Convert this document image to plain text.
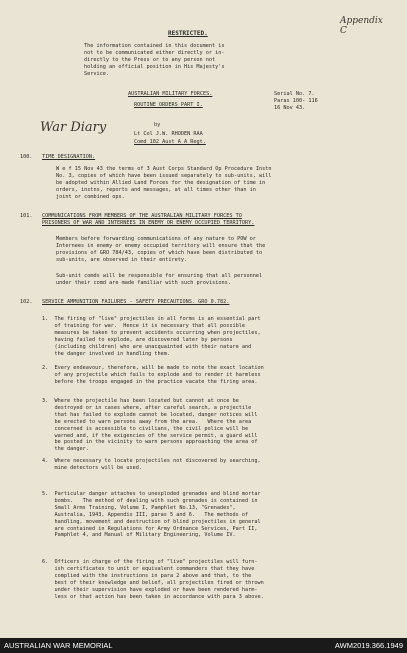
Appendix C
RESTRICTED.
The information contained in this document is
not to be communicated either directly or in-
directly to the Press or to any person not
holding an official position in His Majesty's
Service.
AUSTRALIAN MILITARY FORCES.
ROUTINE ORDERS PART I.
Serial No. 7.
Paras 100- 116
16 Nov 43.
War Diary	by
Lt Col J.W. RHODEN RAA
Comd 102 Aust A A Regt.
100. TIME DESIGNATION.
W e f 15 Nov 43 the terms of 3 Aust Corps Standard Op Procedure Instn
No. 3, copies of which have been issued separately to sub-units, will
be adopted within Allied Land Forces for the designation of time in
orders, instns, reports and messages, at all times other than in
joint or combined ops.
101. COMMUNICATIONS FROM MEMBERS OF THE AUSTRALIAN MILITARY FORCES TO
PRISONERS OF WAR AND INTERNEES IN ENEMY OR ENEMY OCCUPIED TERRITORY.
Members before forwarding communications of any nature to POW or
Internees in enemy or enemy occupied territory will ensure that the
provisions of GRO 784/43, copies of which have been distributed to
sub-units, are observed in their entirety.
Sub-unit comds will be responsible for ensuring that all personnel
under their comd are made familiar with such provisions.
102. SERVICE AMMUNITION FAILURES - SAFETY PRECAUTIONS. GRO 0.782.
1.  The firing of "live" projectiles in all forms is an essential part
of training for war.  Hence it is necessary that all possible
measures be taken to prevent accidents occurring when projectiles,
having failed to explode, are discovered later by persons
(including children) who are unacquainted with their nature and
the danger involved in handling them.
2.  Every endeavour, therefore, will be made to note the exact location
of any projectile which fails to explode and to render it harmless
before the troops engaged in the practice vacate the firing area.
3.  Where the projectile has been located but cannot at once be
destroyed or in cases where, after careful search, a projectile
that has failed to explode cannot be located, danger notices will
be erected to warn persons away from the area.   Where the area
concerned is accessible to civilians, the civil police will be
warned and, if the exigencies of the service permit, a guard will
be posted in the vicinity to warn persons approaching the area of
the danger.
4.  Where necessary to locate projectiles not discovered by searching,
mine detectors will be used.
5.  Particular danger attaches to unexploded grenades and blind mortar
bombs.   The method of dealing with such grenades is contained in
Small Arms Training, Volume I, Pamphlet No.13, "Grenades",
Australia, 1943, Appendix III, paras 5 and 6.   The methods of
handling, movement and destruction of blind projectiles in general
are contained in Regulations for Army Ordnance Services, Part II,
Pamphlet 4, and Manual of Military Engineering, Volume IV.
6.  Officers in charge of the firing of "live" projectiles will furn-
ish certificates to unit or equivalent commanders that they have
complied with the instructions in para 2 above and that, to the
best of their knowledge and belief, all projectiles fired or thrown
under their supervision have exploded or have been rendered harm-
less or that action has been taken in accordance with para 3 above.
AUSTRALIAN WAR MEMORIAL	AWM2019.366.1949
